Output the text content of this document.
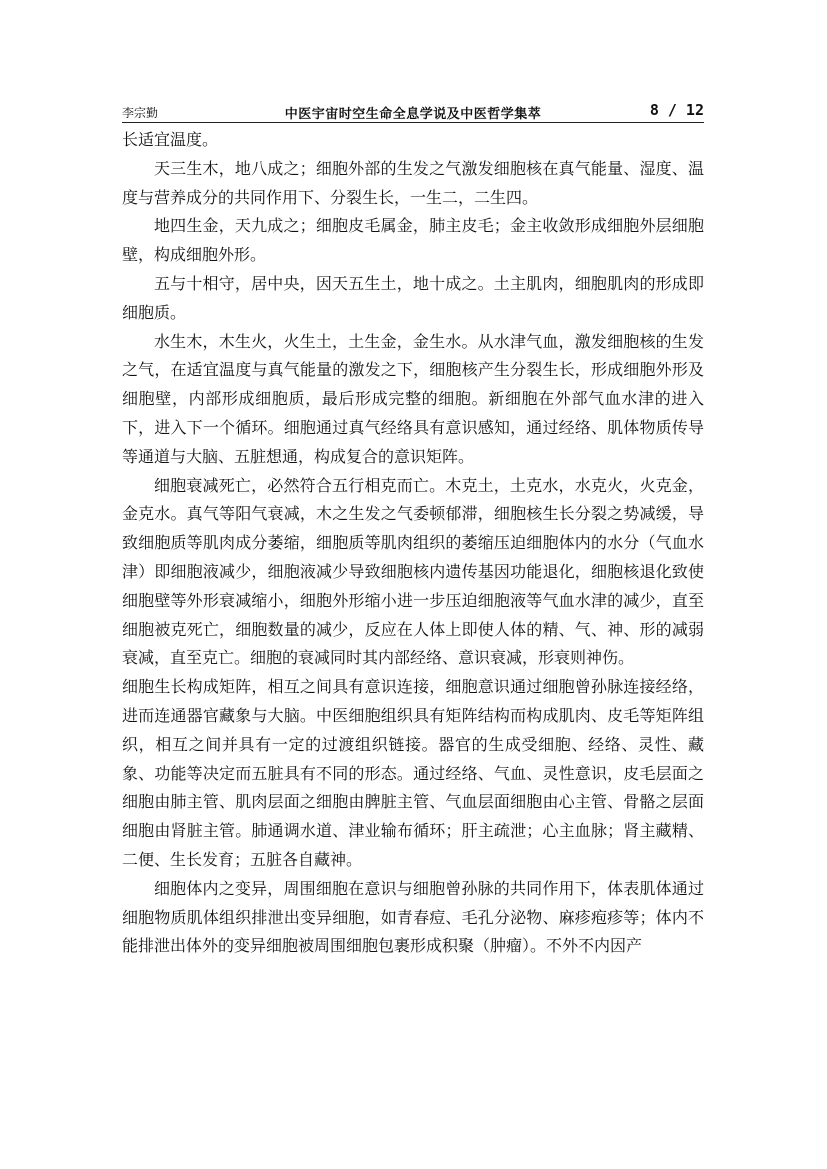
李宗勤	中医宇宙时空生命全息学说及中医哲学集萃	8 / 12

长适宜温度。

天三生木，地八成之；细胞外部的生发之气激发细胞核在真气能量、湿度、温度与营养成分的共同作用下、分裂生长，一生二，二生四。

地四生金，天九成之；细胞皮毛属金，肺主皮毛；金主收敛形成细胞外层细胞壁，构成细胞外形。

五与十相守，居中央，因天五生土，地十成之。土主肌肉，细胞肌肉的形成即细胞质。

水生木，木生火，火生土，土生金，金生水。从水津气血，激发细胞核的生发之气，在适宜温度与真气能量的激发之下，细胞核产生分裂生长，形成细胞外形及细胞壁，内部形成细胞质，最后形成完整的细胞。新细胞在外部气血水津的进入下，进入下一个循环。细胞通过真气经络具有意识感知，通过经络、肌体物质传导等通道与大脑、五脏想通，构成复合的意识矩阵。

细胞衰减死亡，必然符合五行相克而亡。木克土，土克水，水克火，火克金，金克水。真气等阳气衰减，木之生发之气委顿郁滞，细胞核生长分裂之势减缓，导致细胞质等肌肉成分萎缩，细胞质等肌肉组织的萎缩压迫细胞体内的水分（气血水津）即细胞液减少，细胞液减少导致细胞核内遗传基因功能退化，细胞核退化致使细胞壁等外形衰减缩小，细胞外形缩小进一步压迫细胞液等气血水津的减少，直至细胞被克死亡，细胞数量的减少，反应在人体上即使人体的精、气、神、形的减弱衰减，直至克亡。细胞的衰减同时其内部经络、意识衰减，形衰则神伤。

细胞生长构成矩阵，相互之间具有意识连接，细胞意识通过细胞曾孙脉连接经络，进而连通器官藏象与大脑。中医细胞组织具有矩阵结构而构成肌肉、皮毛等矩阵组织，相互之间并具有一定的过渡组织链接。器官的生成受细胞、经络、灵性、藏象、功能等决定而五脏具有不同的形态。通过经络、气血、灵性意识，皮毛层面之细胞由肺主管、肌肉层面之细胞由脾脏主管、气血层面细胞由心主管、骨骼之层面细胞由肾脏主管。肺通调水道、津业输布循环；肝主疏泄；心主血脉；肾主藏精、二便、生长发育；五脏各自藏神。

细胞体内之变异，周围细胞在意识与细胞曾孙脉的共同作用下，体表肌体通过细胞物质肌体组织排泄出变异细胞，如青春痘、毛孔分泌物、麻疹疱疹等；体内不能排泄出体外的变异细胞被周围细胞包裹形成积聚（肿瘤）。不外不内因产
